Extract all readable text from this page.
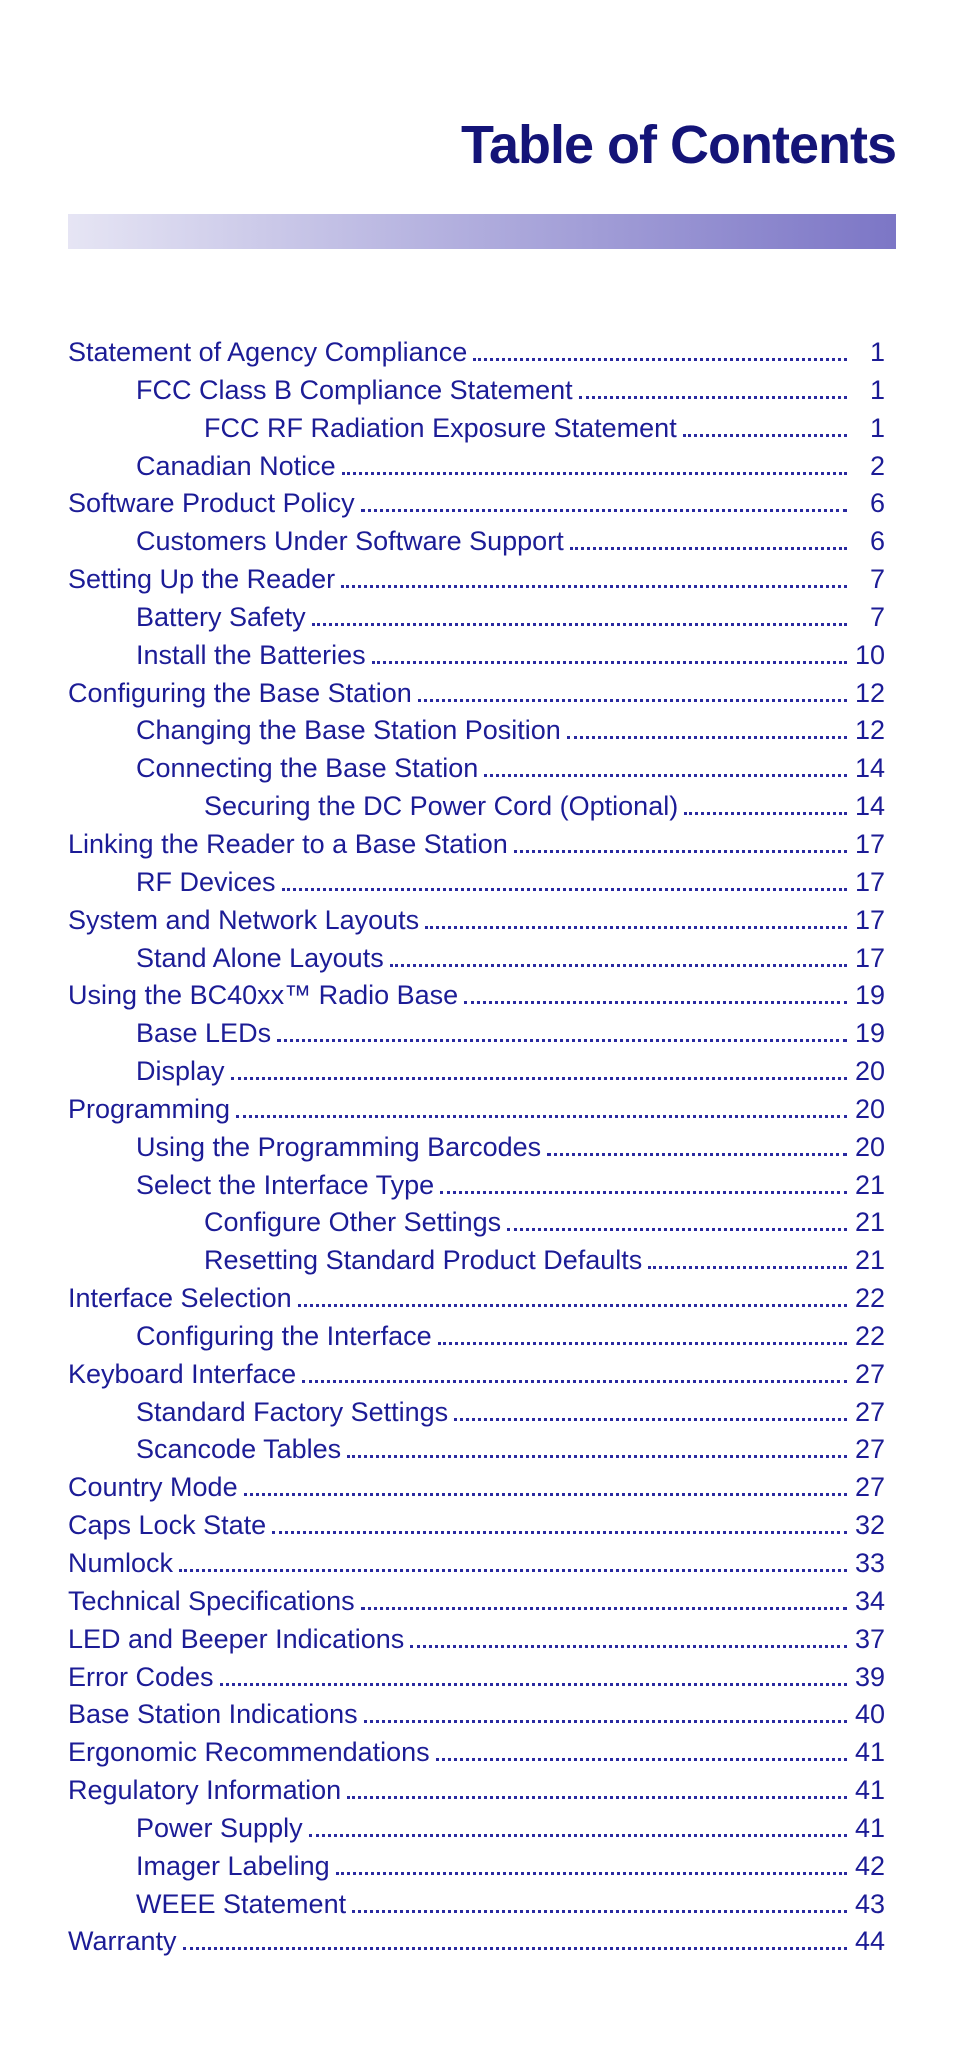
Table of Contents
Statement of Agency Compliance	1
FCC Class B Compliance Statement	1
FCC RF Radiation Exposure Statement	1
Canadian Notice	2
Software Product Policy	6
Customers Under Software Support	6
Setting Up the Reader	7
Battery Safety	7
Install the Batteries	10
Configuring the Base Station	12
Changing the Base Station Position	12
Connecting the Base Station	14
Securing the DC Power Cord (Optional)	14
Linking the Reader to a Base Station	17
RF Devices	17
System and Network Layouts	17
Stand Alone Layouts	17
Using the BC40xx™ Radio Base	19
Base LEDs	19
Display	20
Programming	20
Using the Programming Barcodes	20
Select the Interface Type	21
Configure Other Settings	21
Resetting Standard Product Defaults	21
Interface Selection	22
Configuring the Interface	22
Keyboard Interface	27
Standard Factory Settings	27
Scancode Tables	27
Country Mode	27
Caps Lock State	32
Numlock	33
Technical Specifications	34
LED and Beeper Indications	37
Error Codes	39
Base Station Indications	40
Ergonomic Recommendations	41
Regulatory Information	41
Power Supply	41
Imager Labeling	42
WEEE Statement	43
Warranty	44
